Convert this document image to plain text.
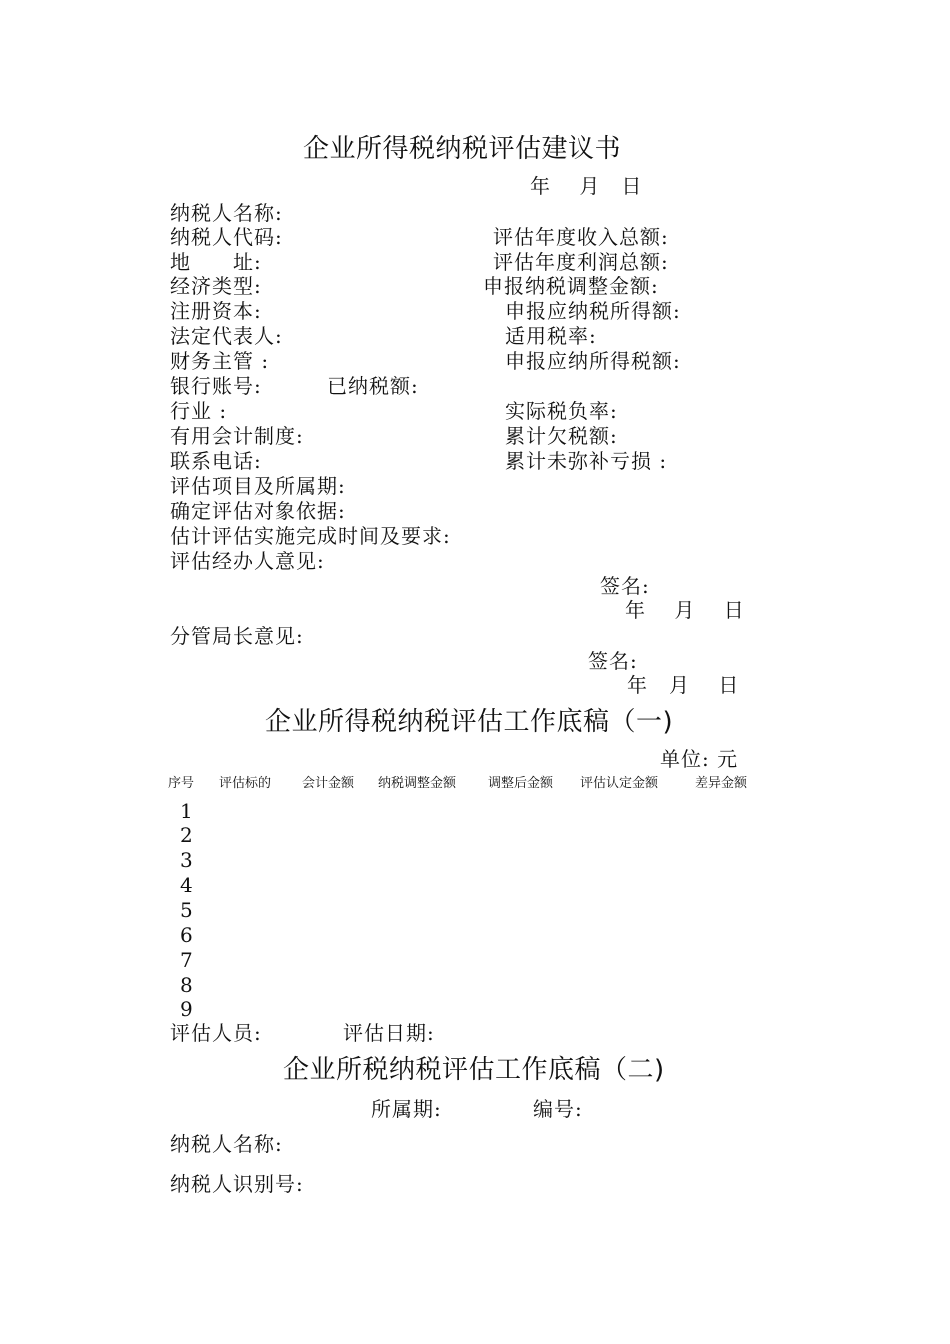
企业所得税纳税评估建议书
年　 月　日
纳税人名称:
纳税人代码:	评估年度收入总额:
地　　址:	评估年度利润总额:
经济类型:	申报纳税调整金额:
注册资本:	申报应纳税所得额:
法定代表人:	适用税率:
财务主管 :	申报应纳所得税额:
银行账号:	已纳税额:
行业 :	实际税负率:
有用会计制度:	累计欠税额:
联系电话:	累计未弥补亏损 :
评估项目及所属期:
确定评估对象依据:
估计评估实施完成时间及要求:
评估经办人意见:
签名:
年　 月　 日
分管局长意见:
签名:
年　月　 日
企业所得税纳税评估工作底稿（一)
单位: 元
序号 评估标的 会计金额 纳税调整金额 调整后金额 评估认定金额	差异金额
1
2
3
4
5
6
7
8
9
评估人员:	评估日期:
企业所税纳税评估工作底稿（二)
所属期:	编号:
纳税人名称:
纳税人识别号:
